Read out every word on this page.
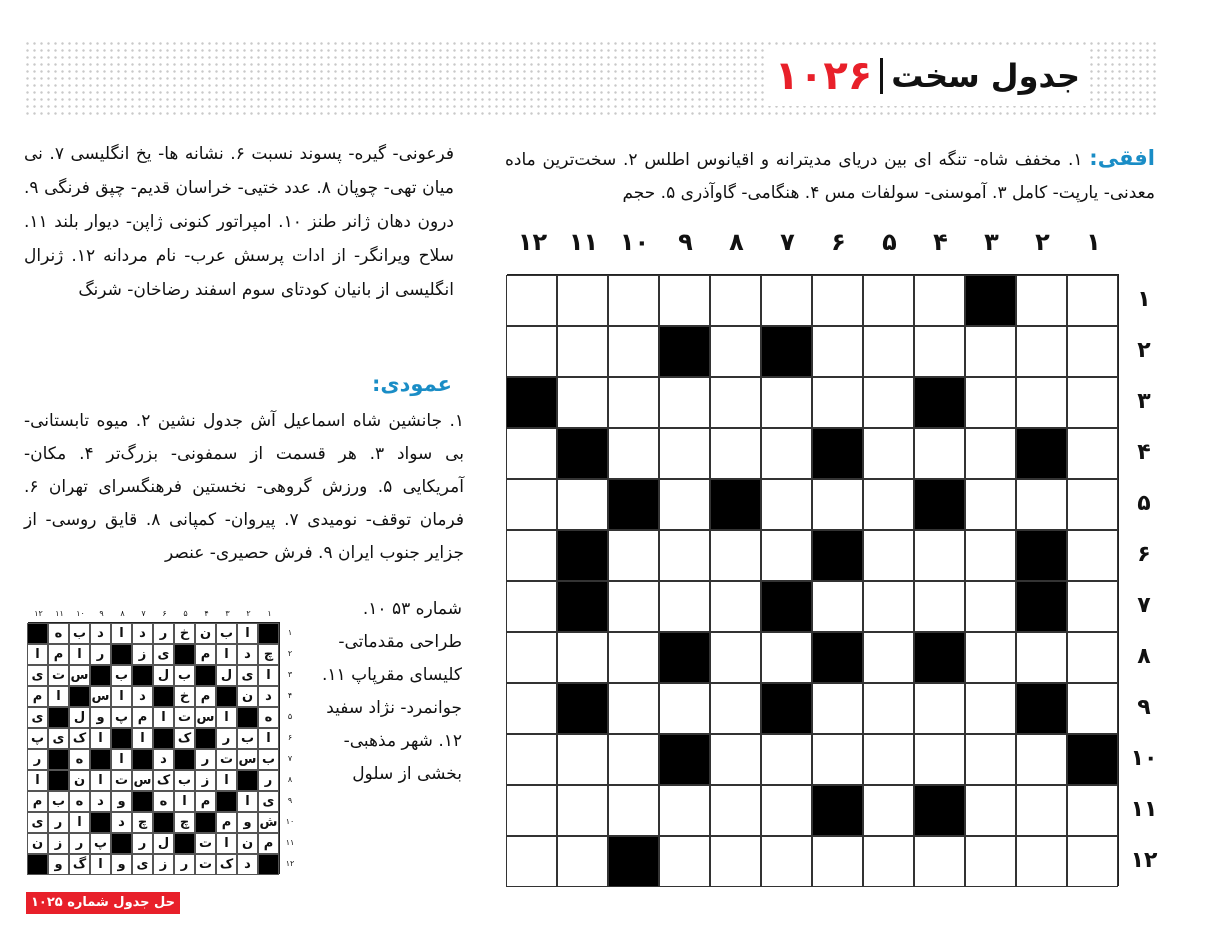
جدول سخت
۱۰۲۶
افقی: ۱. مخفف شاه- تنگه ای بین دریای مدیترانه و اقیانوس اطلس ۲. سخت‌ترین ماده معدنی- یارپت- کامل ۳. آموسنی- سولفات مس ۴. هنگامی- گاوآذری ۵. حجم
فرعونی- گیره- پسوند نسبت ۶. نشانه ها- یخ انگلیسی ۷. نی میان تهی- چوپان ۸. عدد ختیی- خراسان قدیم- چپق فرنگی ۹. درون دهان ژانر طنز ۱۰. امپراتور کنونی ژاپن- دیوار بلند ۱۱. سلاح ویرانگر- از ادات پرسش عرب- نام مردانه ۱۲. ژنرال انگلیسی از بانیان کودتای سوم اسفند رضاخان- شرنگ
عمودی:
۱. جانشین شاه اسماعیل آش جدول نشین ۲. میوه تابستانی- بی سواد ۳. هر قسمت از سمفونی- بزرگ‌تر ۴. مکان- آمریکایی ۵. ورزش گروهی- نخستین فرهنگسرای تهران ۶. فرمان توقف- نومیدی ۷. پیروان- کمپانی ۸. قایق روسی- از جزایر جنوب ایران ۹. فرش حصیری- عنصر
شماره ۵۳ ۱۰. طراحی مقدماتی- کلیسای مقرپاپ ۱۱. جوانمرد- نژاد سفید ۱۲. شهر مذهبی- بخشی از سلول
۱
۲
۳
۴
۵
۶
۷
۸
۹
۱۰
۱۱
۱۲
۱
۲
۳
۴
۵
۶
۷
۸
۹
۱۰
۱۱
۱۲
۱
۲
۳
۴
۵
۶
۷
۸
۹
۱۰
۱۱
۱۲
۱
۲
۳
۴
۵
۶
۷
۸
۹
۱۰
۱۱
۱۲
ا
ب
ن
خ
ر
د
ا
د
ب
ه
چ
د
ا
م
ی
ز
ر
ا
م
ا
ا
ی
ل
ب
ل
ب
س
ت
ی
د
ن
م
خ
د
ا
س
ا
م
ه
ا
س
ت
ا
م
پ
و
ل
ی
ا
ب
ر
ک
ا
ا
ک
ی
پ
ب
س
ت
ر
د
ا
ه
ر
ر
ا
ز
ب
ک
س
ت
ا
ن
ا
ی
ا
م
ا
ه
و
د
ه
ب
م
ش
و
م
چ
چ
د
ا
ر
ی
م
ن
ا
ت
ل
ر
پ
ر
ز
ن
د
ک
ت
ر
ز
ی
و
ا
گ
و
حل جدول شماره ۱۰۲۵
